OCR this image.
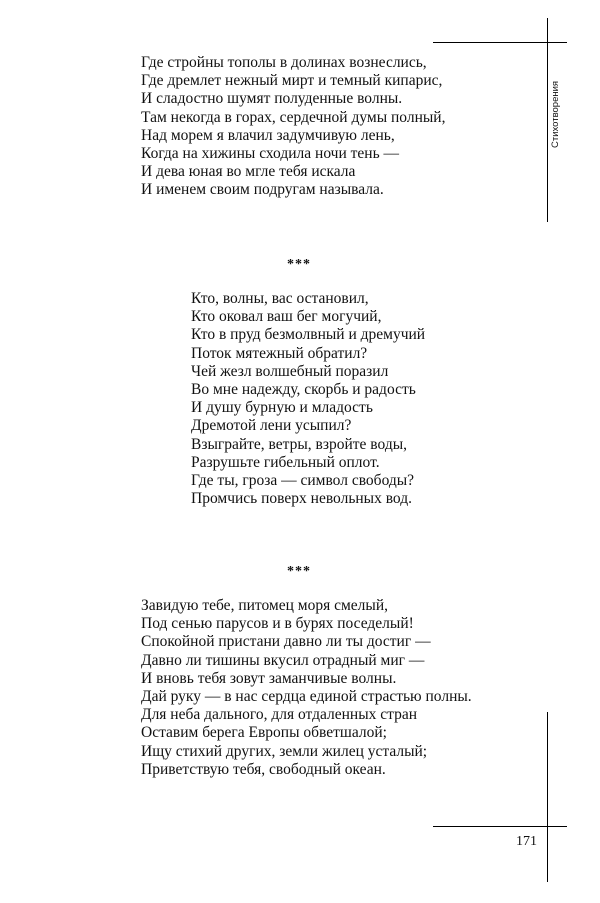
Стихотворения
Где стройны тополы в долинах вознеслись,
Где дремлет нежный мирт и темный кипарис,
И сладостно шумят полуденные волны.
Там некогда в горах, сердечной думы полный,
Над морем я влачил задумчивую лень,
Когда на хижины сходила ночи тень —
И дева юная во мгле тебя искала
И именем своим подругам называла.
***
Кто, волны, вас остановил,
Кто оковал ваш бег могучий,
Кто в пруд безмолвный и дремучий
Поток мятежный обратил?
Чей жезл волшебный поразил
Во мне надежду, скорбь и радость
И душу бурную и младость
Дремотой лени усыпил?
Взыграйте, ветры, взройте воды,
Разрушьте гибельный оплот.
Где ты, гроза — символ свободы?
Промчись поверх невольных вод.
***
Завидую тебе, питомец моря смелый,
Под сенью парусов и в бурях поседелый!
Спокойной пристани давно ли ты достиг —
Давно ли тишины вкусил отрадный миг —
И вновь тебя зовут заманчивые волны.
Дай руку — в нас сердца единой страстью полны.
Для неба дального, для отдаленных стран
Оставим берега Европы обветшалой;
Ищу стихий других, земли жилец усталый;
Приветствую тебя, свободный океан.
171
